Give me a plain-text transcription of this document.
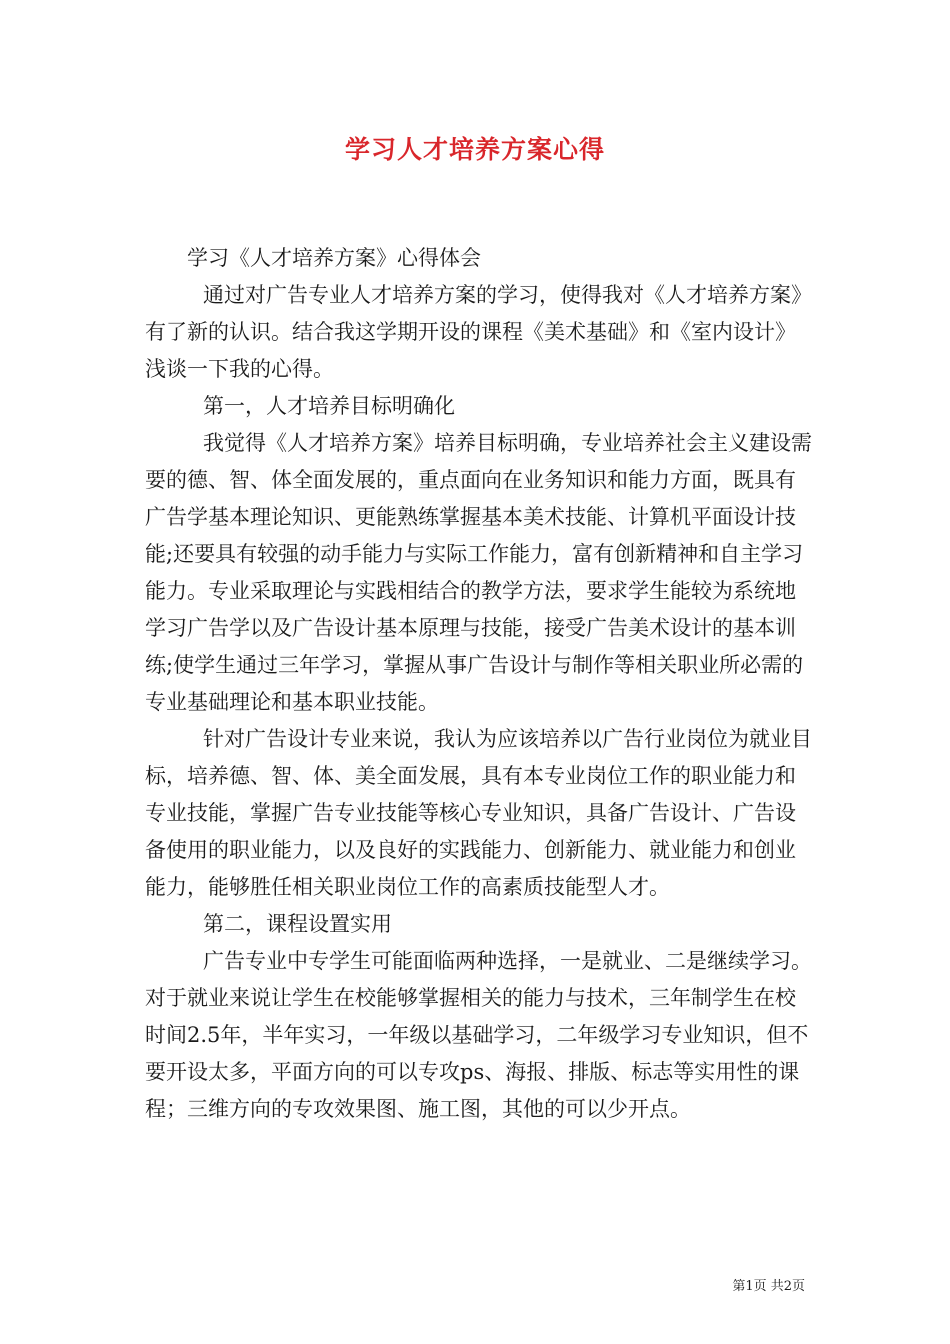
学习人才培养方案心得

学习《人才培养方案》心得体会

通过对广告专业人才培养方案的学习，使得我对《人才培养方案》有了新的认识。结合我这学期开设的课程《美术基础》和《室内设计》浅谈一下我的心得。

第一，人才培养目标明确化

我觉得《人才培养方案》培养目标明确，专业培养社会主义建设需要的德、智、体全面发展的，重点面向在业务知识和能力方面，既具有广告学基本理论知识、更能熟练掌握基本美术技能、计算机平面设计技能;还要具有较强的动手能力与实际工作能力，富有创新精神和自主学习能力。专业采取理论与实践相结合的教学方法，要求学生能较为系统地学习广告学以及广告设计基本原理与技能，接受广告美术设计的基本训练;使学生通过三年学习，掌握从事广告设计与制作等相关职业所必需的专业基础理论和基本职业技能。

针对广告设计专业来说，我认为应该培养以广告行业岗位为就业目标，培养德、智、体、美全面发展，具有本专业岗位工作的职业能力和专业技能，掌握广告专业技能等核心专业知识，具备广告设计、广告设备使用的职业能力，以及良好的实践能力、创新能力、就业能力和创业能力，能够胜任相关职业岗位工作的高素质技能型人才。

第二，课程设置实用

广告专业中专学生可能面临两种选择，一是就业、二是继续学习。对于就业来说让学生在校能够掌握相关的能力与技术，三年制学生在校时间2.5年，半年实习，一年级以基础学习，二年级学习专业知识，但不要开设太多，平面方向的可以专攻ps、海报、排版、标志等实用性的课程；三维方向的专攻效果图、施工图，其他的可以少开点。

第1页 共2页
